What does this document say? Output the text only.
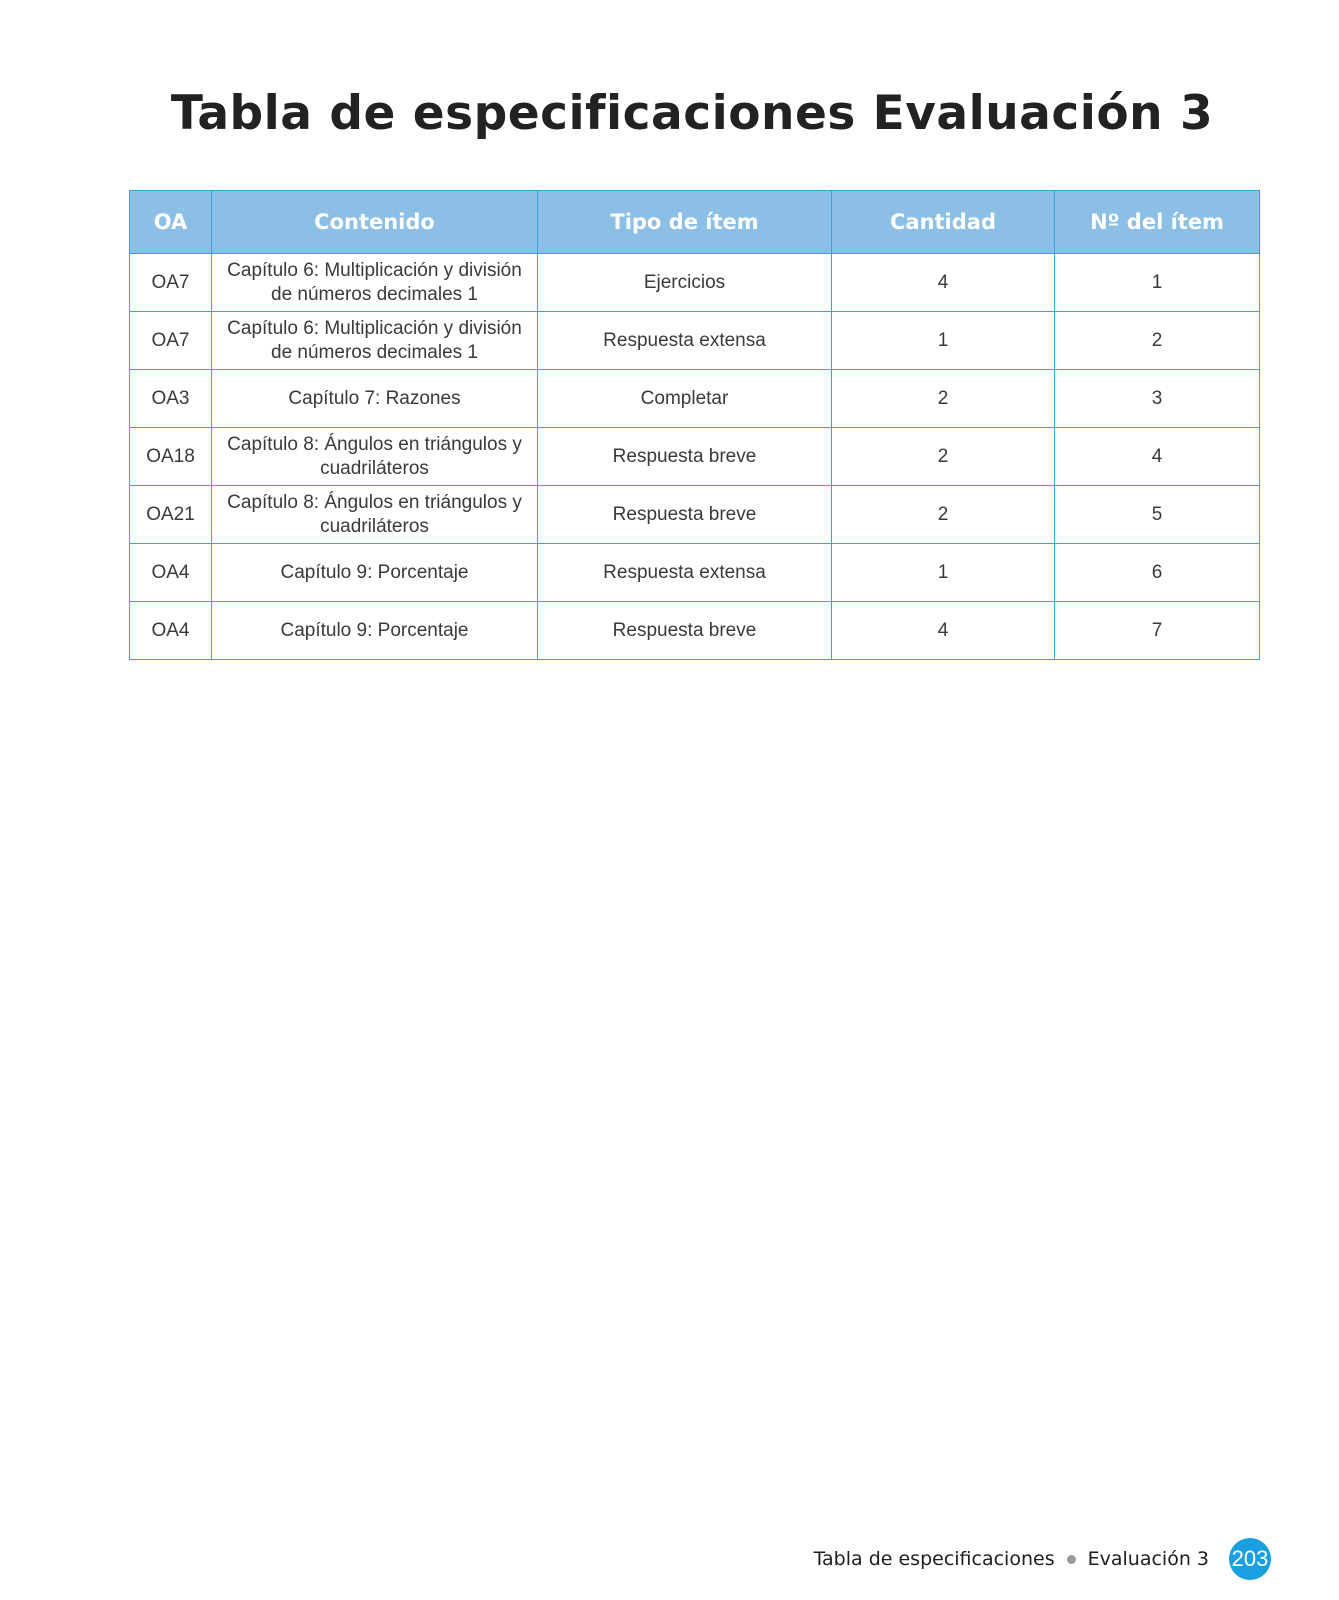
Tabla de especificaciones Evaluación 3
OA	Contenido	Tipo de ítem	Cantidad	Nº del ítem
OA7	Capítulo 6: Multiplicación y división de números decimales 1	Ejercicios	4	1
OA7	Capítulo 6: Multiplicación y división de números decimales 1	Respuesta extensa	1	2
OA3	Capítulo 7: Razones	Completar	2	3
OA18	Capítulo 8: Ángulos en triángulos y cuadriláteros	Respuesta breve	2	4
OA21	Capítulo 8: Ángulos en triángulos y cuadriláteros	Respuesta breve	2	5
OA4	Capítulo 9: Porcentaje	Respuesta extensa	1	6
OA4	Capítulo 9: Porcentaje	Respuesta breve	4	7
Tabla de especificaciones Evaluación 3 203
